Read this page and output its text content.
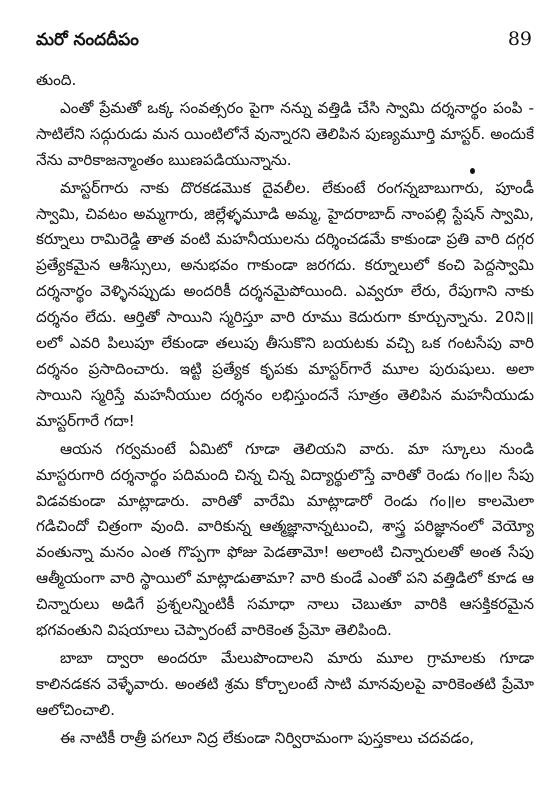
మరో నందదీపం	89

తుంది.

ఎంతో ప్రేమతో ఒక్క సంవత్సరం పైగా నన్ను వత్తిడి చేసి స్వామి దర్శనార్థం పంపి - సాటిలేని సద్గురుడు మన యింటిలోనే వున్నారని తెలిపిన పుణ్యమూర్తి మాస్టర్. అందుకే నేను వారికాజన్మాంతం ఋణపడియున్నాను.

మాస్టర్‌గారు నాకు దొరకడమొక దైవలీల. లేకుంటే రంగన్నబాబుగారు, పూండీ స్వామి, చివటం అమ్మగారు, జిల్లేళ్ళమూడి అమ్మ, హైదరాబాద్ నాంపల్లి స్టేషన్ స్వామి, కర్నూలు రామిరెడ్డి తాత వంటి మహనీయులను దర్శించడమే కాకుండా ప్రతి వారి దగ్గర ప్రత్యేకమైన ఆశీస్సులు, అనుభవం గాకుండా జరగదు. కర్నూలులో కంచి పెద్దస్వామి దర్శనార్థం వెళ్ళినప్పుడు అందరికీ దర్శనమైపోయింది. ఎవ్వరూ లేరు, రేపుగాని నాకు దర్శనం లేదు. ఆర్తితో సాయిని స్మరిస్తూ వారి రూము కెదురుగా కూర్చున్నాను. 20ని॥లలో ఎవరి పిలుపూ లేకుండా తలుపు తీసుకొని బయటకు వచ్చి ఒక గంటసేపు వారి దర్శనం ప్రసాదించారు. ఇట్టి ప్రత్యేక కృపకు మాస్టర్‌గారే మూల పురుషులు. అలా సాయిని స్మరిస్తే మహనీయుల దర్శనం లభిస్తుందనే సూత్రం తెలిపిన మహనీయుడు మాస్టర్‌గారే గదా!

ఆయన గర్వమంటే ఏమిటో గూడా తెలియని వారు. మా స్కూలు నుండి మాస్టరుగారి దర్శనార్థం పదిమంది చిన్న చిన్న విద్యార్థులొస్తే వారితో రెండు గం॥ల సేపు విడవకుండా మాట్లాడారు. వారితో వారేమి మాట్లాడారో రెండు గం॥ల కాలమెలా గడిచిందో చిత్రంగా వుంది. వారికున్న ఆత్మజ్ఞానాన్నటుంచి, శాస్త్ర పరిజ్ఞానంలో వెయ్యో వంతున్నా మనం ఎంత గొప్పగా ఫోజు పెడతామో! అలాంటి చిన్నారులతో అంత సేపు ఆత్మీయంగా వారి స్థాయిలో మాట్లాడుతామా? వారి కుండే ఎంతో పని వత్తిడిలో కూడ ఆ చిన్నారులు అడిగే ప్రశ్నలన్నింటికీ సమాధా నాలు చెబుతూ వారికి ఆసక్తికరమైన భగవంతుని విషయాలు చెప్పారంటే వారికెంత ప్రేమో తెలిపింది.

బాబా ద్వారా అందరూ మేలుపొందాలని మారు మూల గ్రామాలకు గూడా కాలినడకన వెళ్ళేవారు. అంతటి శ్రమ కోర్చాలంటే సాటి మానవులపై వారికెంతటి ప్రేమో ఆలోచించాలి.

ఈ నాటికీ రాత్రీ పగలూ నిద్ర లేకుండా నిర్విరామంగా పుస్తకాలు చదవడం,
